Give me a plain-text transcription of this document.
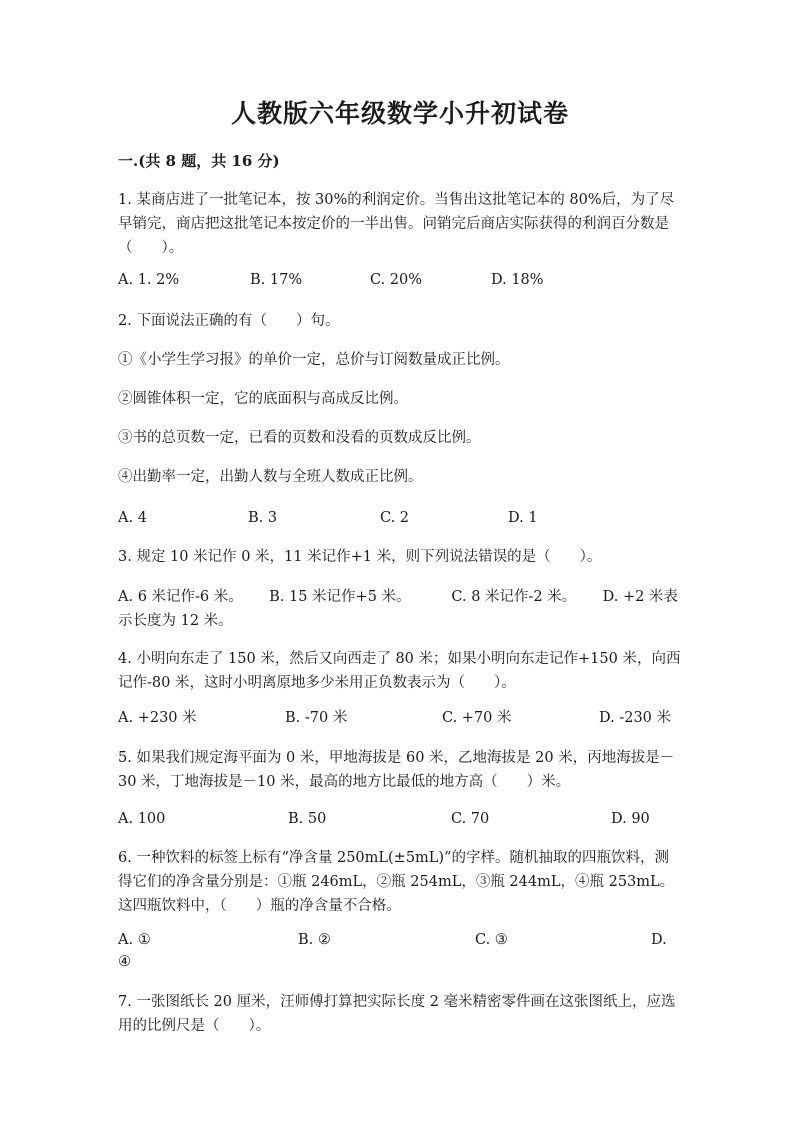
人教版六年级数学小升初试卷
一.(共 8 题，共 16 分)

1. 某商店进了一批笔记本，按 30%的利润定价。当售出这批笔记本的 80%后，为了尽早销完，商店把这批笔记本按定价的一半出售。问销完后商店实际获得的利润百分数是（　　）。

A. 1. 2%	B. 17%	C. 20%	D. 18%
2. 下面说法正确的有（　　）句。
①《小学生学习报》的单价一定，总价与订阅数量成正比例。
②圆锥体积一定，它的底面积与高成反比例。
③书的总页数一定，已看的页数和没看的页数成反比例。
④出勤率一定，出勤人数与全班人数成正比例。
A. 4	B. 3	C. 2	D. 1
3. 规定 10 米记作 0 米，11 米记作+1 米，则下列说法错误的是（　　）。
A. 6 米记作-6 米。　　 B. 15 米记作+5 米。　　　 C. 8 米记作-2 米。　　 D. +2 米表示长度为 12 米。
4. 小明向东走了 150 米，然后又向西走了 80 米；如果小明向东走记作+150 米，向西记作-80 米，这时小明离原地多少米用正负数表示为（　　）。
A. +230 米	B. -70 米	C. +70 米	D. -230 米
5. 如果我们规定海平面为 0 米，甲地海拔是 60 米，乙地海拔是 20 米，丙地海拔是－30 米，丁地海拔是－10 米，最高的地方比最低的地方高（　　）米。
A. 100	B. 50	C. 70	D. 90
6. 一种饮料的标签上标有“净含量 250mL(±5mL)”的字样。随机抽取的四瓶饮料，测得它们的净含量分别是：①瓶 246mL，②瓶 254mL，③瓶 244mL，④瓶 253mL。这四瓶饮料中，（　　）瓶的净含量不合格。
A. ①	B. ②	C. ③	D.
④
7. 一张图纸长 20 厘米，汪师傅打算把实际长度 2 毫米精密零件画在这张图纸上，应选用的比例尺是（　　）。
